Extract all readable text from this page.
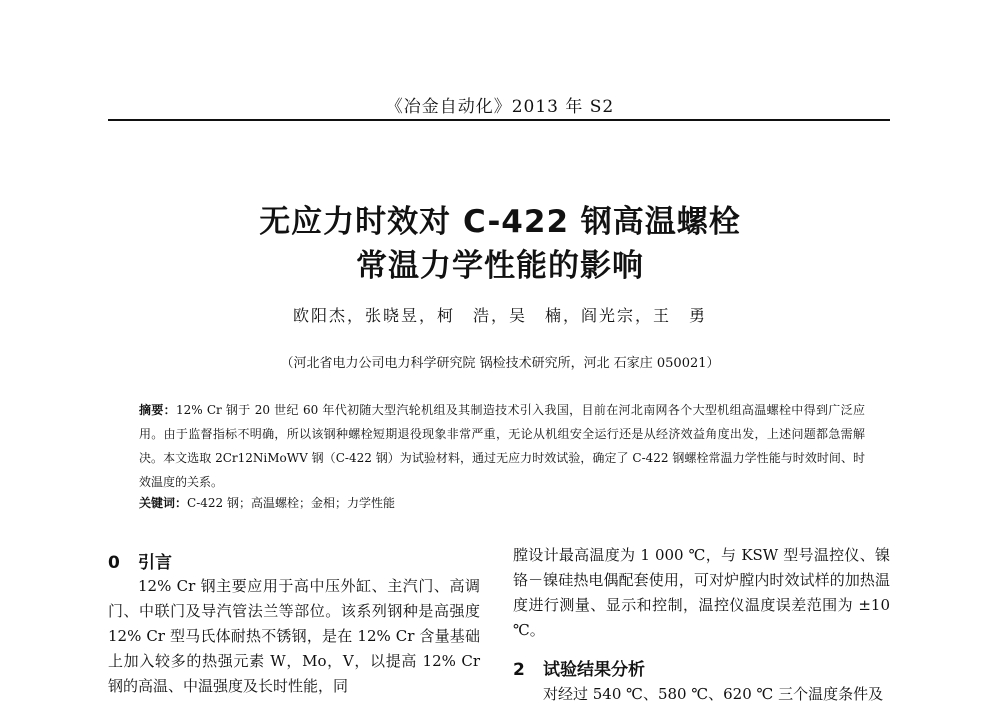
《冶金自动化》2013 年 S2
无应力时效对 C-422 钢高温螺栓
常温力学性能的影响
欧阳杰，张晓昱，柯　浩，吴　楠，阎光宗，王　勇
（河北省电力公司电力科学研究院 锅检技术研究所，河北 石家庄 050021）
摘要：12% Cr 钢于 20 世纪 60 年代初随大型汽轮机组及其制造技术引入我国，目前在河北南网各个大型机组高温螺栓中得到广泛应用。由于监督指标不明确，所以该钢种螺栓短期退役现象非常严重，无论从机组安全运行还是从经济效益角度出发，上述问题都急需解决。本文选取 2Cr12NiMoWV 钢（C-422 钢）为试验材料，通过无应力时效试验，确定了 C-422 钢螺栓常温力学性能与时效时间、时效温度的关系。
关键词：C-422 钢；高温螺栓；金相；力学性能
0 引言
12% Cr 钢主要应用于高中压外缸、主汽门、高调门、中联门及导汽管法兰等部位。该系列钢种是高强度 12% Cr 型马氏体耐热不锈钢，是在 12% Cr 含量基础上加入较多的热强元素 W，Mo，V，以提高 12% Cr 钢的高温、中温强度及长时性能，同
膛设计最高温度为 1 000 ℃，与 KSW 型号温控仪、镍铬－镍硅热电偶配套使用，可对炉膛内时效试样的加热温度进行测量、显示和控制，温控仪温度误差范围为 ±10 ℃。
2 试验结果分析
对经过 540 ℃、580 ℃、620 ℃ 三个温度条件及
